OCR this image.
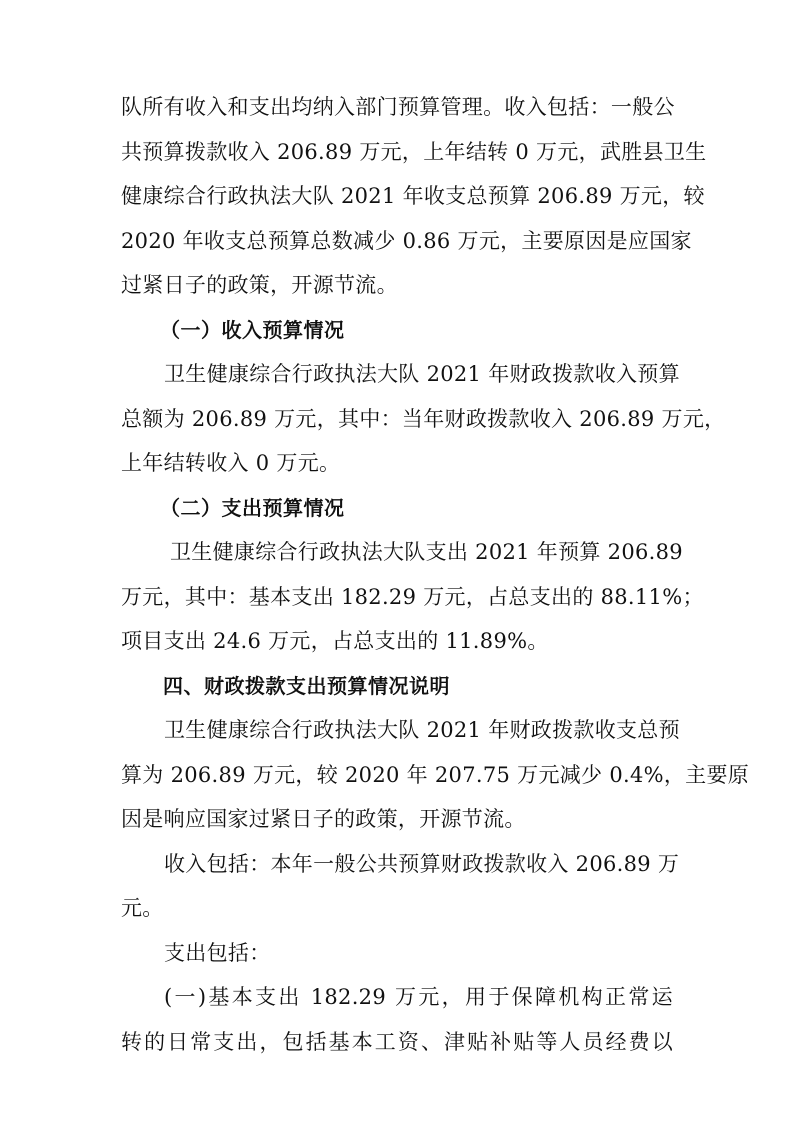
队所有收入和支出均纳入部门预算管理。收入包括：一般公
共预算拨款收入 206.89 万元，上年结转 0 万元，武胜县卫生
健康综合行政执法大队 2021 年收支总预算 206.89 万元，较
2020 年收支总预算总数减少 0.86 万元，主要原因是应国家
过紧日子的政策，开源节流。
（一）收入预算情况
卫生健康综合行政执法大队 2021 年财政拨款收入预算
总额为 206.89 万元，其中：当年财政拨款收入 206.89 万元，
上年结转收入 0 万元。
（二）支出预算情况
卫生健康综合行政执法大队支出 2021 年预算 206.89
万元，其中：基本支出 182.29 万元，占总支出的 88.11%；
项目支出 24.6 万元，占总支出的 11.89%。
四、财政拨款支出预算情况说明
卫生健康综合行政执法大队 2021 年财政拨款收支总预
算为 206.89 万元，较 2020 年 207.75 万元减少 0.4%，主要原
因是响应国家过紧日子的政策，开源节流。
收入包括：本年一般公共预算财政拨款收入 206.89 万
元。
支出包括：
(一)基本支出 182.29 万元，用于保障机构正常运
转的日常支出，包括基本工资、津贴补贴等人员经费以
